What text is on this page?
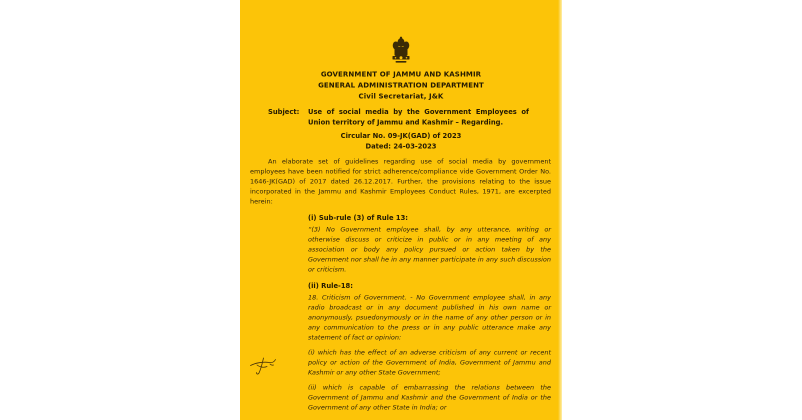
GOVERNMENT OF JAMMU AND KASHMIR
GENERAL ADMINISTRATION DEPARTMENT
Civil Secretariat, J&K
Subject: Use of social media by the Government Employees of Union territory of Jammu and Kashmir – Regarding.
Circular No. 09-JK(GAD) of 2023
Dated: 24-03-2023

An elaborate set of guidelines regarding use of social media by government employees have been notified for strict adherence/compliance vide Government Order No. 1646-JK(GAD) of 2017 dated 26.12.2017. Further, the provisions relating to the issue incorporated in the Jammu and Kashmir Employees Conduct Rules, 1971, are excerpted herein:

(i) Sub-rule (3) of Rule 13:

“(3) No Government employee shall, by any utterance, writing or otherwise discuss or criticize in public or in any meeting of any association or body any policy pursued or action taken by the Government nor shall he in any manner participate in any such discussion or criticism.

(ii) Rule-18:

18. Criticism of Government. - No Government employee shall, in any radio broadcast or in any document published in his own name or anonymously, psuedonymously or in the name of any other person or in any communication to the press or in any public utterance make any statement of fact or opinion:

(i) which has the effect of an adverse criticism of any current or recent policy or action of the Government of India, Government of Jammu and Kashmir or any other State Government;

(ii) which is capable of embarrassing the relations between the Government of Jammu and Kashmir and the Government of India or the Government of any other State in India; or
